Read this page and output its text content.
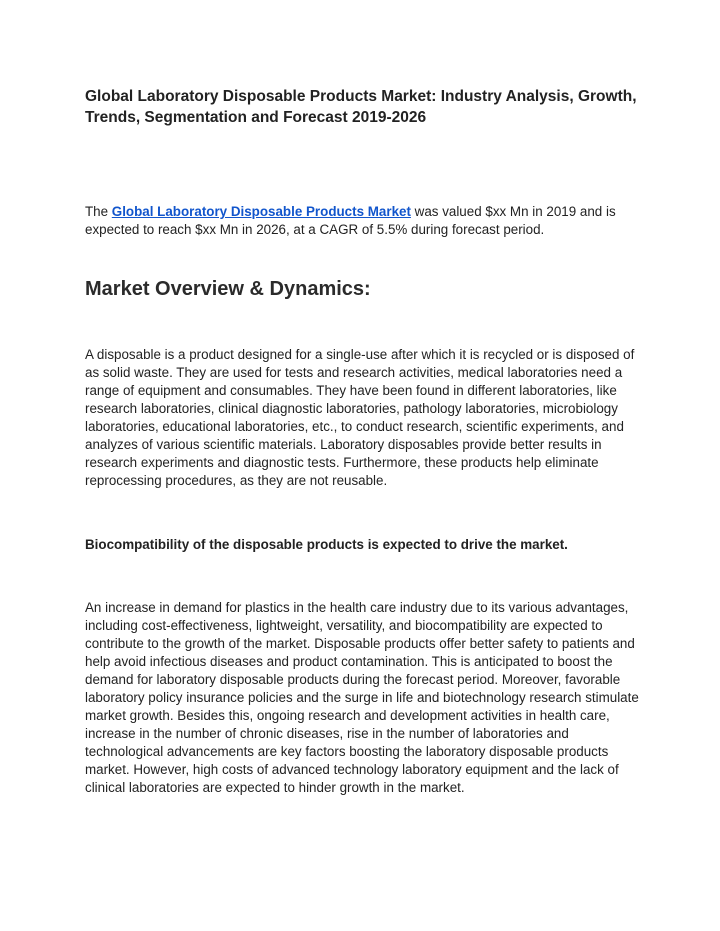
Global Laboratory Disposable Products Market: Industry Analysis, Growth, Trends, Segmentation and Forecast 2019-2026

The Global Laboratory Disposable Products Market was valued $xx Mn in 2019 and is expected to reach $xx Mn in 2026, at a CAGR of 5.5% during forecast period.

Market Overview & Dynamics:

A disposable is a product designed for a single-use after which it is recycled or is disposed of as solid waste. They are used for tests and research activities, medical laboratories need a range of equipment and consumables. They have been found in different laboratories, like research laboratories, clinical diagnostic laboratories, pathology laboratories, microbiology laboratories, educational laboratories, etc., to conduct research, scientific experiments, and analyzes of various scientific materials. Laboratory disposables provide better results in research experiments and diagnostic tests. Furthermore, these products help eliminate reprocessing procedures, as they are not reusable.

Biocompatibility of the disposable products is expected to drive the market.

An increase in demand for plastics in the health care industry due to its various advantages, including cost-effectiveness, lightweight, versatility, and biocompatibility are expected to contribute to the growth of the market. Disposable products offer better safety to patients and help avoid infectious diseases and product contamination. This is anticipated to boost the demand for laboratory disposable products during the forecast period. Moreover, favorable laboratory policy insurance policies and the surge in life and biotechnology research stimulate market growth. Besides this, ongoing research and development activities in health care, increase in the number of chronic diseases, rise in the number of laboratories and technological advancements are key factors boosting the laboratory disposable products market. However, high costs of advanced technology laboratory equipment and the lack of clinical laboratories are expected to hinder growth in the market.
